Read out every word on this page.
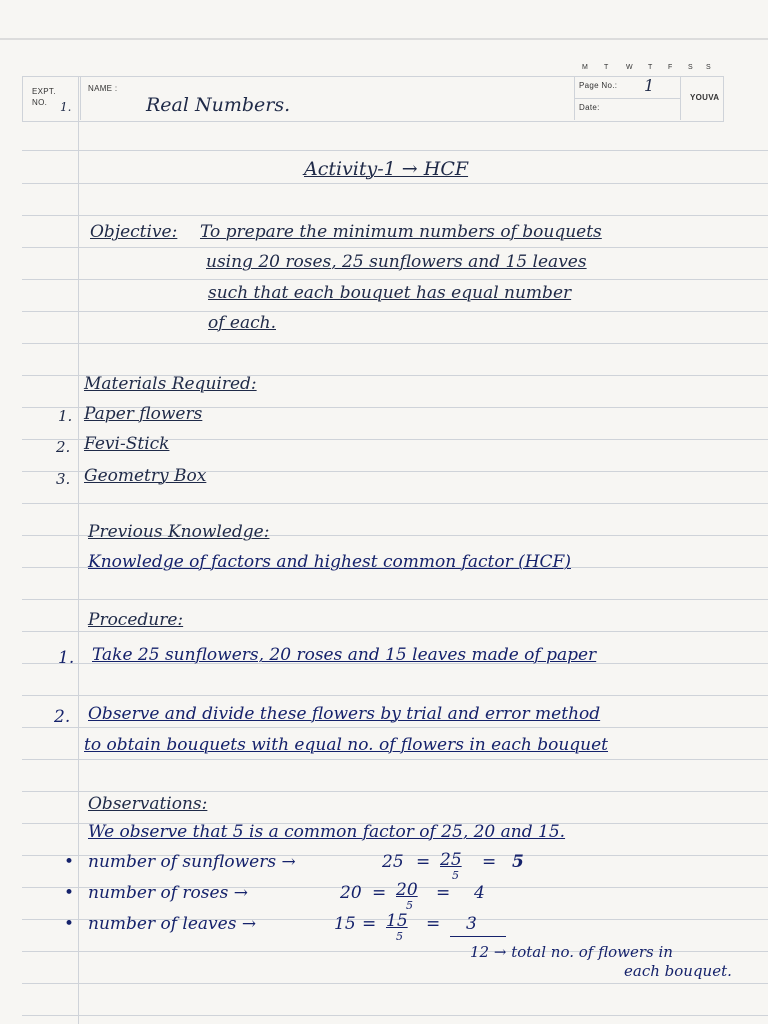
EXPT. NO.	1.
NAME :
Real Numbers.
M T	W T F S S
Page No.: 1
Date:
YOUVA
Activity-1 → HCF
Objective: To prepare the minimum numbers of bouquets
using 20 roses, 25 sunflowers and 15 leaves
such that each bouquet has equal number
of each.
Materials Required:
1. Paper flowers
2. Fevi-Stick
3. Geometry Box
Previous Knowledge:
Knowledge of factors and highest common factor (HCF)
Procedure:
1. Take 25 sunflowers, 20 roses and 15 leaves made of paper
2. Observe and divide these flowers by trial and error method
to obtain bouquets with equal no. of flowers in each bouquet
Observations:
We observe that 5 is a common factor of 25, 20 and 15.
• number of sunflowers →	25 = 25
5
= 5
• number of roses →	20 = 20
5
= 4
• number of leaves →	15 = 15
5
= 3
12 → total no. of flowers in
each bouquet.
